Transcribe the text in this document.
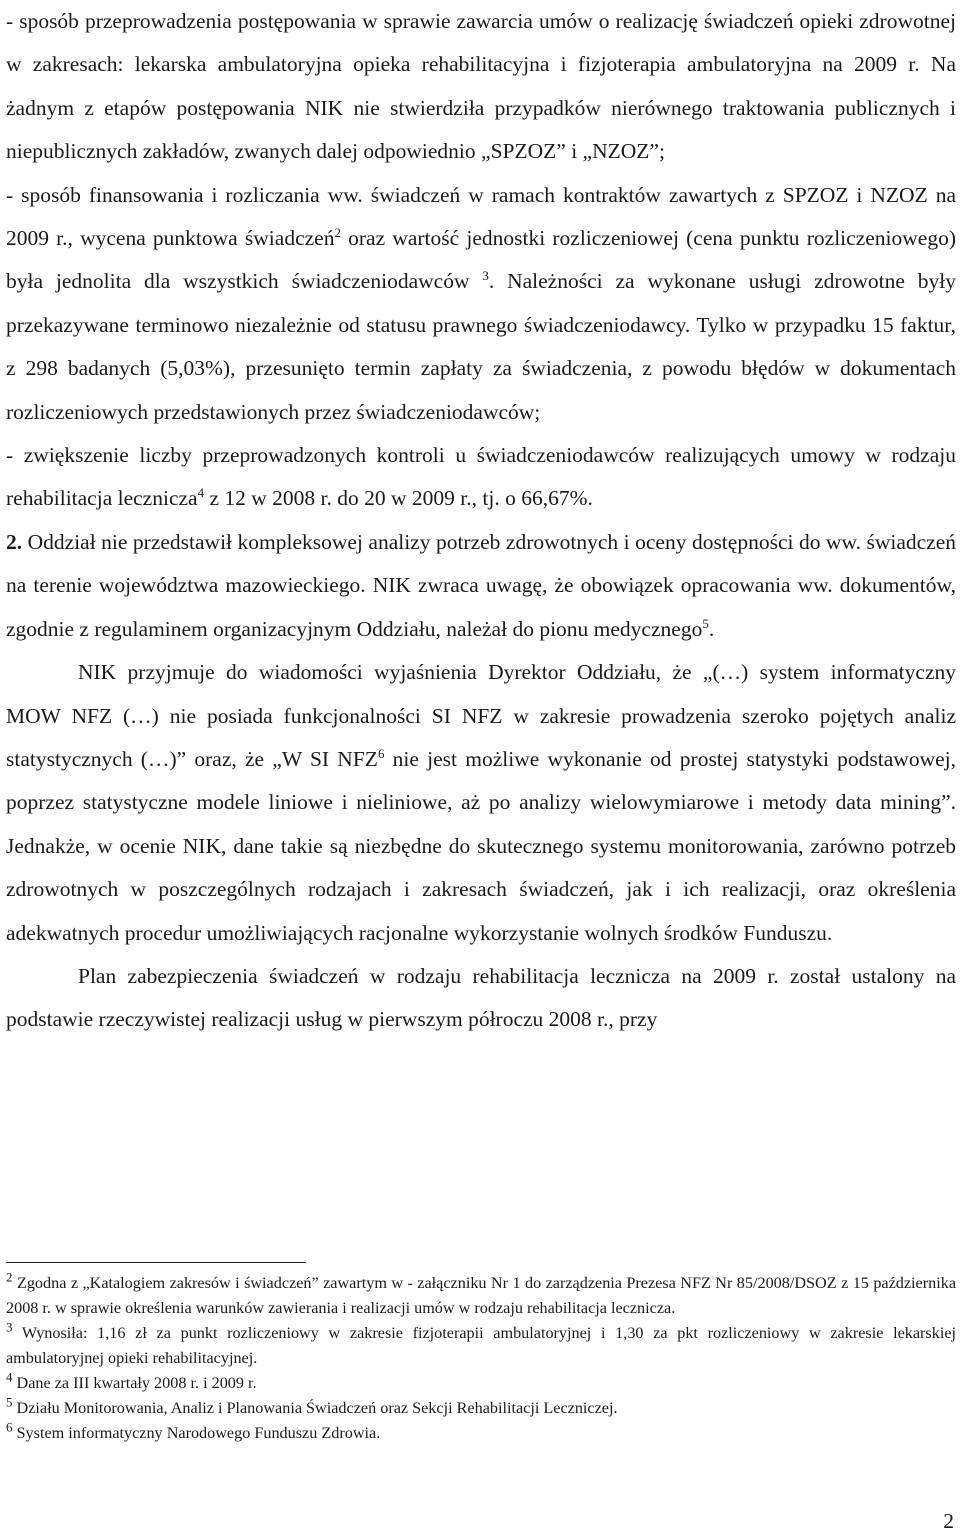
- sposób przeprowadzenia postępowania w sprawie zawarcia umów o realizację świadczeń opieki zdrowotnej w zakresach: lekarska ambulatoryjna opieka rehabilitacyjna i fizjoterapia ambulatoryjna na 2009 r. Na żadnym z etapów postępowania NIK nie stwierdziła przypadków nierównego traktowania publicznych i niepublicznych zakładów, zwanych dalej odpowiednio „SPZOZ” i „NZOZ”;

- sposób finansowania i rozliczania ww. świadczeń w ramach kontraktów zawartych z SPZOZ i NZOZ na 2009 r., wycena punktowa świadczeń$^2$ oraz wartość jednostki rozliczeniowej (cena punktu rozliczeniowego) była jednolita dla wszystkich świadczeniodawców $^3$. Należności za wykonane usługi zdrowotne były przekazywane terminowo niezależnie od statusu prawnego świadczeniodawcy. Tylko w przypadku 15 faktur, z 298 badanych (5,03%), przesunięto termin zapłaty za świadczenia, z powodu błędów w dokumentach rozliczeniowych przedstawionych przez świadczeniodawców;

- zwiększenie liczby przeprowadzonych kontroli u świadczeniodawców realizujących umowy w rodzaju rehabilitacja lecznicza$^4$ z 12 w 2008 r. do 20 w 2009 r., tj. o 66,67%.

2. Oddział nie przedstawił kompleksowej analizy potrzeb zdrowotnych i oceny dostępności do ww. świadczeń na terenie województwa mazowieckiego. NIK zwraca uwagę, że obowiązek opracowania ww. dokumentów, zgodnie z regulaminem organizacyjnym Oddziału, należał do pionu medycznego$^5$.

NIK przyjmuje do wiadomości wyjaśnienia Dyrektor Oddziału, że „(…) system informatyczny MOW NFZ (…) nie posiada funkcjonalności SI NFZ w zakresie prowadzenia szeroko pojętych analiz statystycznych (…)” oraz, że „W SI NFZ$^6$ nie jest możliwe wykonanie od prostej statystyki podstawowej, poprzez statystyczne modele liniowe i nieliniowe, aż po analizy wielowymiarowe i metody data mining”. Jednakże, w ocenie NIK, dane takie są niezbędne do skutecznego systemu monitorowania, zarówno potrzeb zdrowotnych w poszczególnych rodzajach i zakresach świadczeń, jak i ich realizacji, oraz określenia adekwatnych procedur umożliwiających racjonalne wykorzystanie wolnych środków Funduszu.

Plan zabezpieczenia świadczeń w rodzaju rehabilitacja lecznicza na 2009 r. został ustalony na podstawie rzeczywistej realizacji usług w pierwszym półroczu 2008 r., przy

$^2$ Zgodna z „Katalogiem zakresów i świadczeń” zawartym w - załączniku Nr 1 do zarządzenia Prezesa NFZ Nr 85/2008/DSOZ z 15 października 2008 r. w sprawie określenia warunków zawierania i realizacji umów w rodzaju rehabilitacja lecznicza.

$^3$ Wynosiła: 1,16 zł za punkt rozliczeniowy w zakresie fizjoterapii ambulatoryjnej i 1,30 za pkt rozliczeniowy w zakresie lekarskiej ambulatoryjnej opieki rehabilitacyjnej.

$^4$ Dane za III kwartały 2008 r. i 2009 r.

$^5$ Działu Monitorowania, Analiz i Planowania Świadczeń oraz Sekcji Rehabilitacji Leczniczej.

$^6$ System informatyczny Narodowego Funduszu Zdrowia.

2
